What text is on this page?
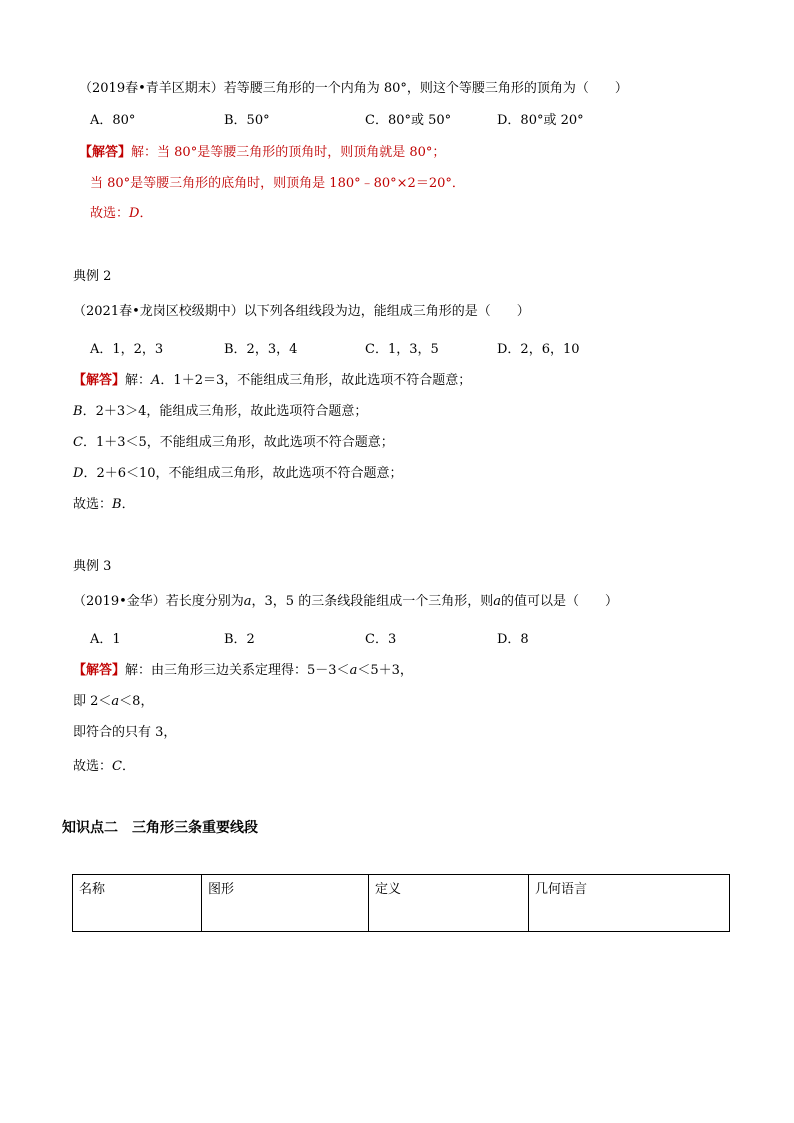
（2019春•青羊区期末）若等腰三角形的一个内角为 80°，则这个等腰三角形的顶角为（　　）
A．80°	B．50°	C．80°或 50°	D．80°或 20°
【解答】解：当 80°是等腰三角形的顶角时，则顶角就是 80°；
当 80°是等腰三角形的底角时，则顶角是 180°﹣80°×2＝20°．
故选：D．
典例 2
（2021春•龙岗区校级期中）以下列各组线段为边，能组成三角形的是（　　）
A．1，2，3	B．2，3，4	C．1，3，5	D．2，6，10
【解答】解：A．1＋2＝3，不能组成三角形，故此选项不符合题意；
B．2＋3＞4，能组成三角形，故此选项符合题意；
C．1＋3＜5，不能组成三角形，故此选项不符合题意；
D．2＋6＜10，不能组成三角形，故此选项不符合题意；
故选：B．
典例 3
（2019•金华）若长度分别为a，3，5 的三条线段能组成一个三角形，则a的值可以是（　　）
A．1	B．2	C．3	D．8
【解答】解：由三角形三边关系定理得：5－3＜a＜5＋3，
即 2＜a＜8，
即符合的只有 3，
故选：C．
知识点二　三角形三条重要线段
名称	图形	定义	几何语言
